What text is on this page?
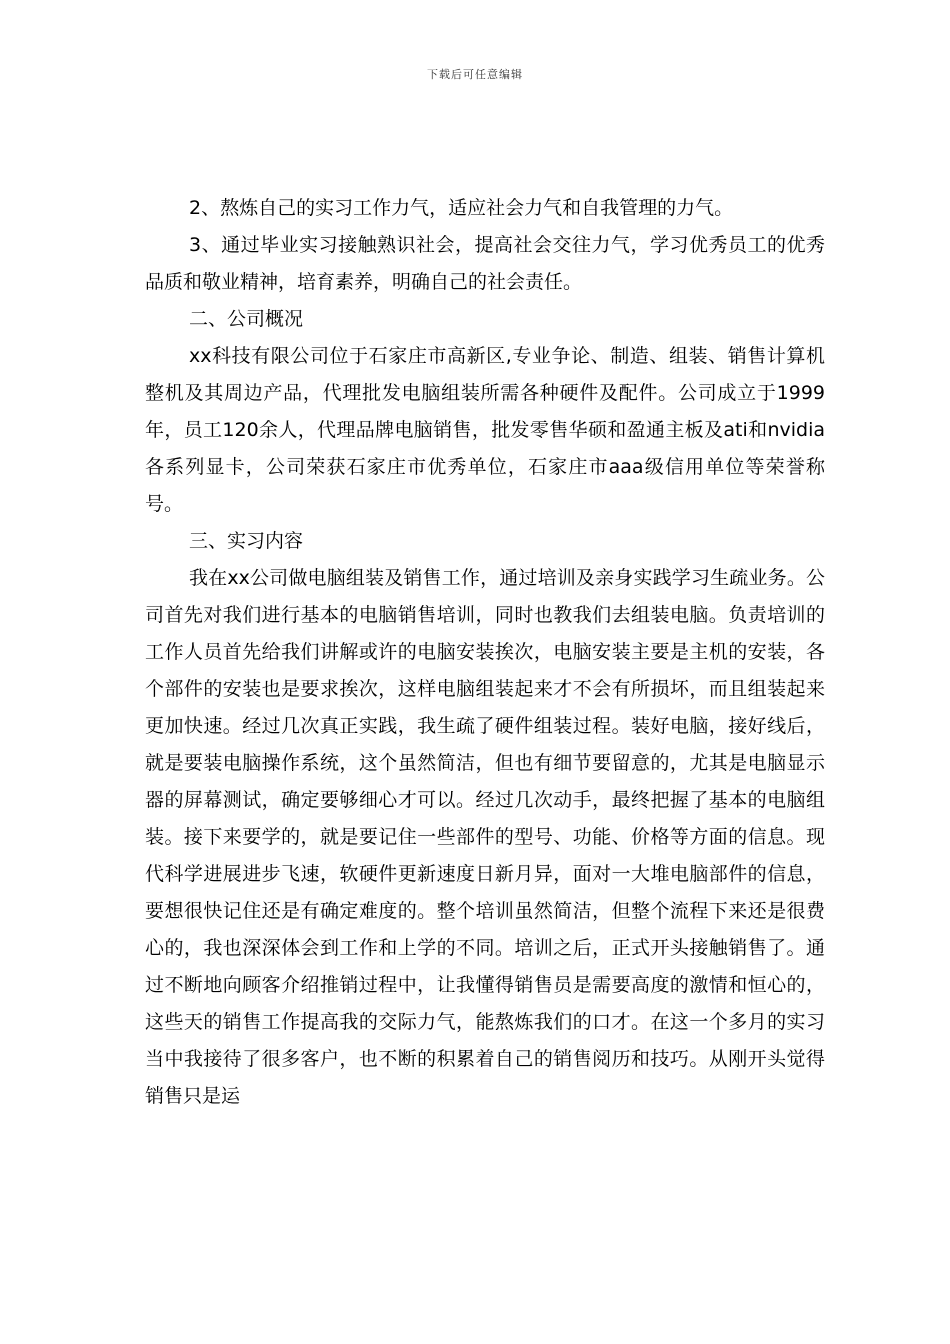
下载后可任意编辑

2、熬炼自己的实习工作力气，适应社会力气和自我管理的力气。

3、通过毕业实习接触熟识社会，提高社会交往力气，学习优秀员工的优秀品质和敬业精神，培育素养，明确自己的社会责任。

二、公司概况

xx科技有限公司位于石家庄市高新区,专业争论、制造、组装、销售计算机整机及其周边产品，代理批发电脑组装所需各种硬件及配件。公司成立于1999年，员工120余人，代理品牌电脑销售，批发零售华硕和盈通主板及ati和nvidia各系列显卡，公司荣获石家庄市优秀单位，石家庄市aaa级信用单位等荣誉称号。

三、实习内容

我在xx公司做电脑组装及销售工作，通过培训及亲身实践学习生疏业务。公司首先对我们进行基本的电脑销售培训，同时也教我们去组装电脑。负责培训的工作人员首先给我们讲解或许的电脑安装挨次，电脑安装主要是主机的安装，各个部件的安装也是要求挨次，这样电脑组装起来才不会有所损坏，而且组装起来更加快速。经过几次真正实践，我生疏了硬件组装过程。装好电脑，接好线后，就是要装电脑操作系统，这个虽然简洁，但也有细节要留意的，尤其是电脑显示器的屏幕测试，确定要够细心才可以。经过几次动手，最终把握了基本的电脑组装。接下来要学的，就是要记住一些部件的型号、功能、价格等方面的信息。现代科学进展进步飞速，软硬件更新速度日新月异，面对一大堆电脑部件的信息，要想很快记住还是有确定难度的。整个培训虽然简洁，但整个流程下来还是很费心的，我也深深体会到工作和上学的不同。培训之后，正式开头接触销售了。通过不断地向顾客介绍推销过程中，让我懂得销售员是需要高度的激情和恒心的，这些天的销售工作提高我的交际力气，能熬炼我们的口才。在这一个多月的实习当中我接待了很多客户，也不断的积累着自己的销售阅历和技巧。从刚开头觉得销售只是运
